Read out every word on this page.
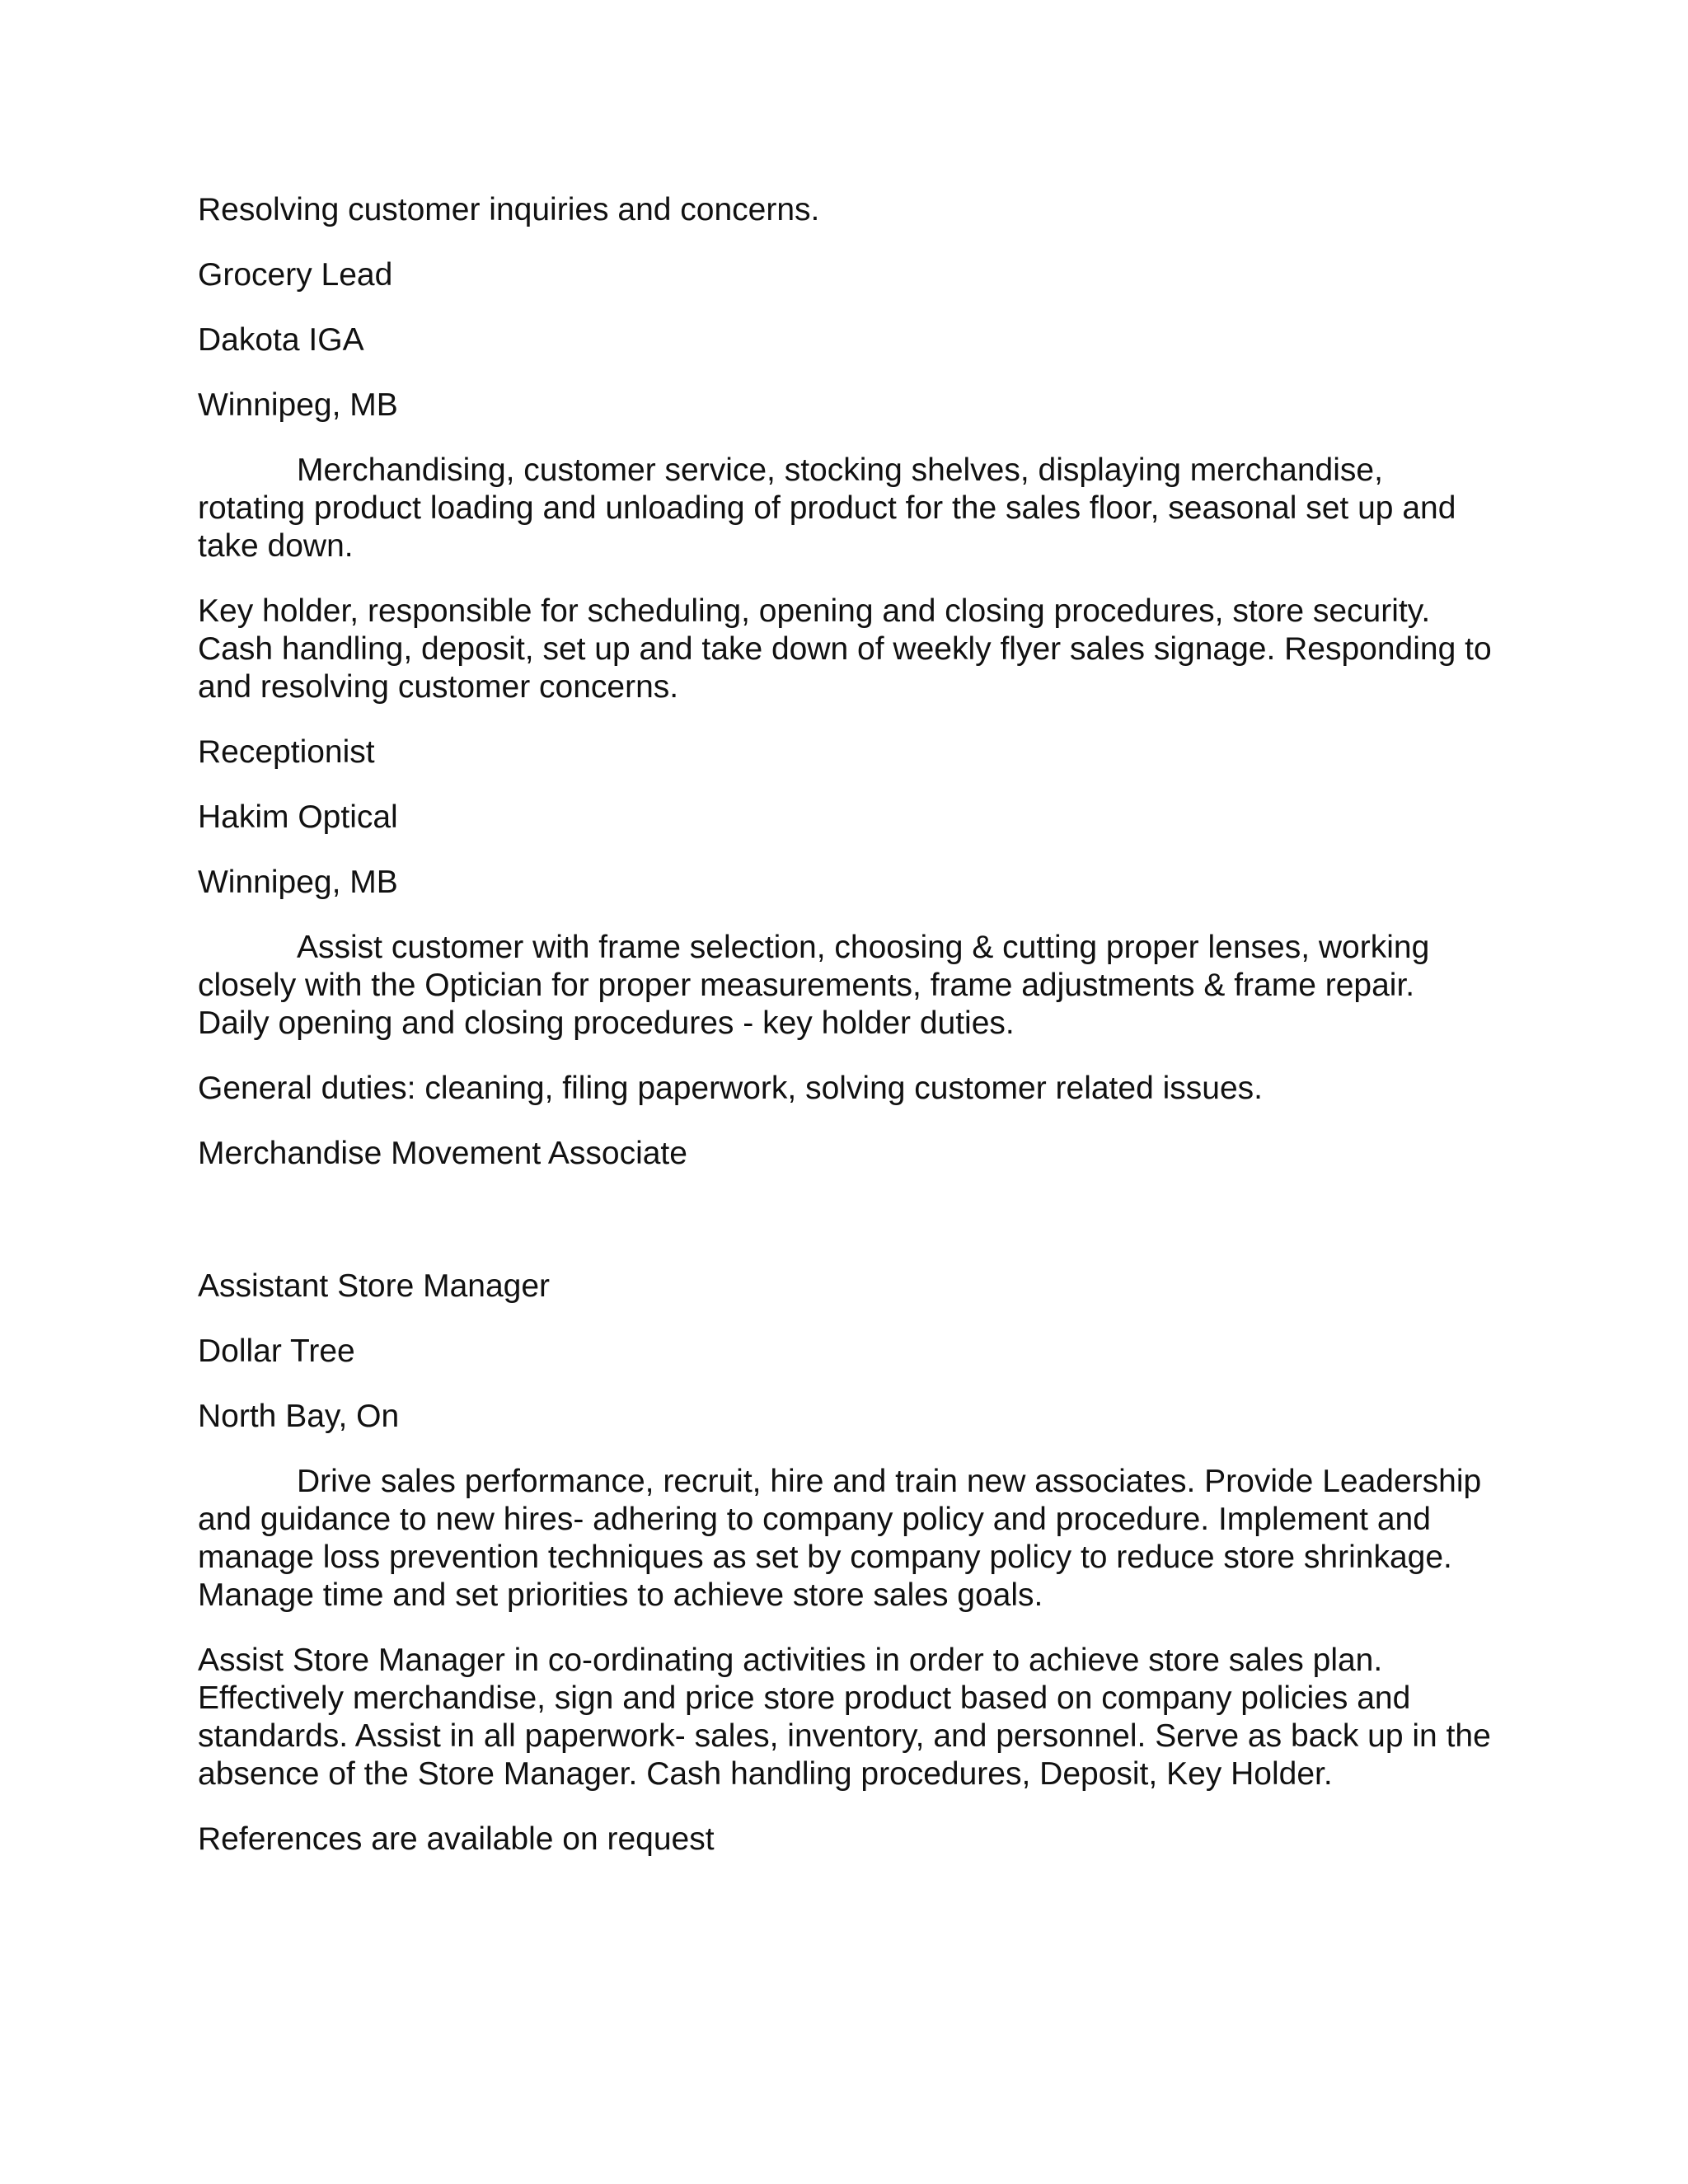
Resolving customer inquiries and concerns.

Grocery Lead

Dakota IGA

Winnipeg, MB

Merchandising, customer service, stocking shelves, displaying merchandise, rotating product loading and unloading of product for the sales floor, seasonal set up and take down.

Key holder, responsible for scheduling, opening and closing procedures, store security. Cash handling, deposit, set up and take down of weekly flyer sales signage. Responding to and resolving customer concerns.

Receptionist

Hakim Optical

Winnipeg, MB

Assist customer with frame selection, choosing & cutting proper lenses, working closely with the Optician for proper measurements, frame adjustments & frame repair. Daily opening and closing procedures - key holder duties.

General duties: cleaning, filing paperwork, solving customer related issues.

Merchandise Movement Associate

Assistant Store Manager

Dollar Tree

North Bay, On

Drive sales performance, recruit, hire and train new associates. Provide Leadership and guidance to new hires- adhering to company policy and procedure. Implement and manage loss prevention techniques as set by company policy to reduce store shrinkage. Manage time and set priorities to achieve store sales goals.

Assist Store Manager in co-ordinating activities in order to achieve store sales plan. Effectively merchandise, sign and price store product based on company policies and standards. Assist in all paperwork- sales, inventory, and personnel. Serve as back up in the absence of the Store Manager. Cash handling procedures, Deposit, Key Holder.

References are available on request
